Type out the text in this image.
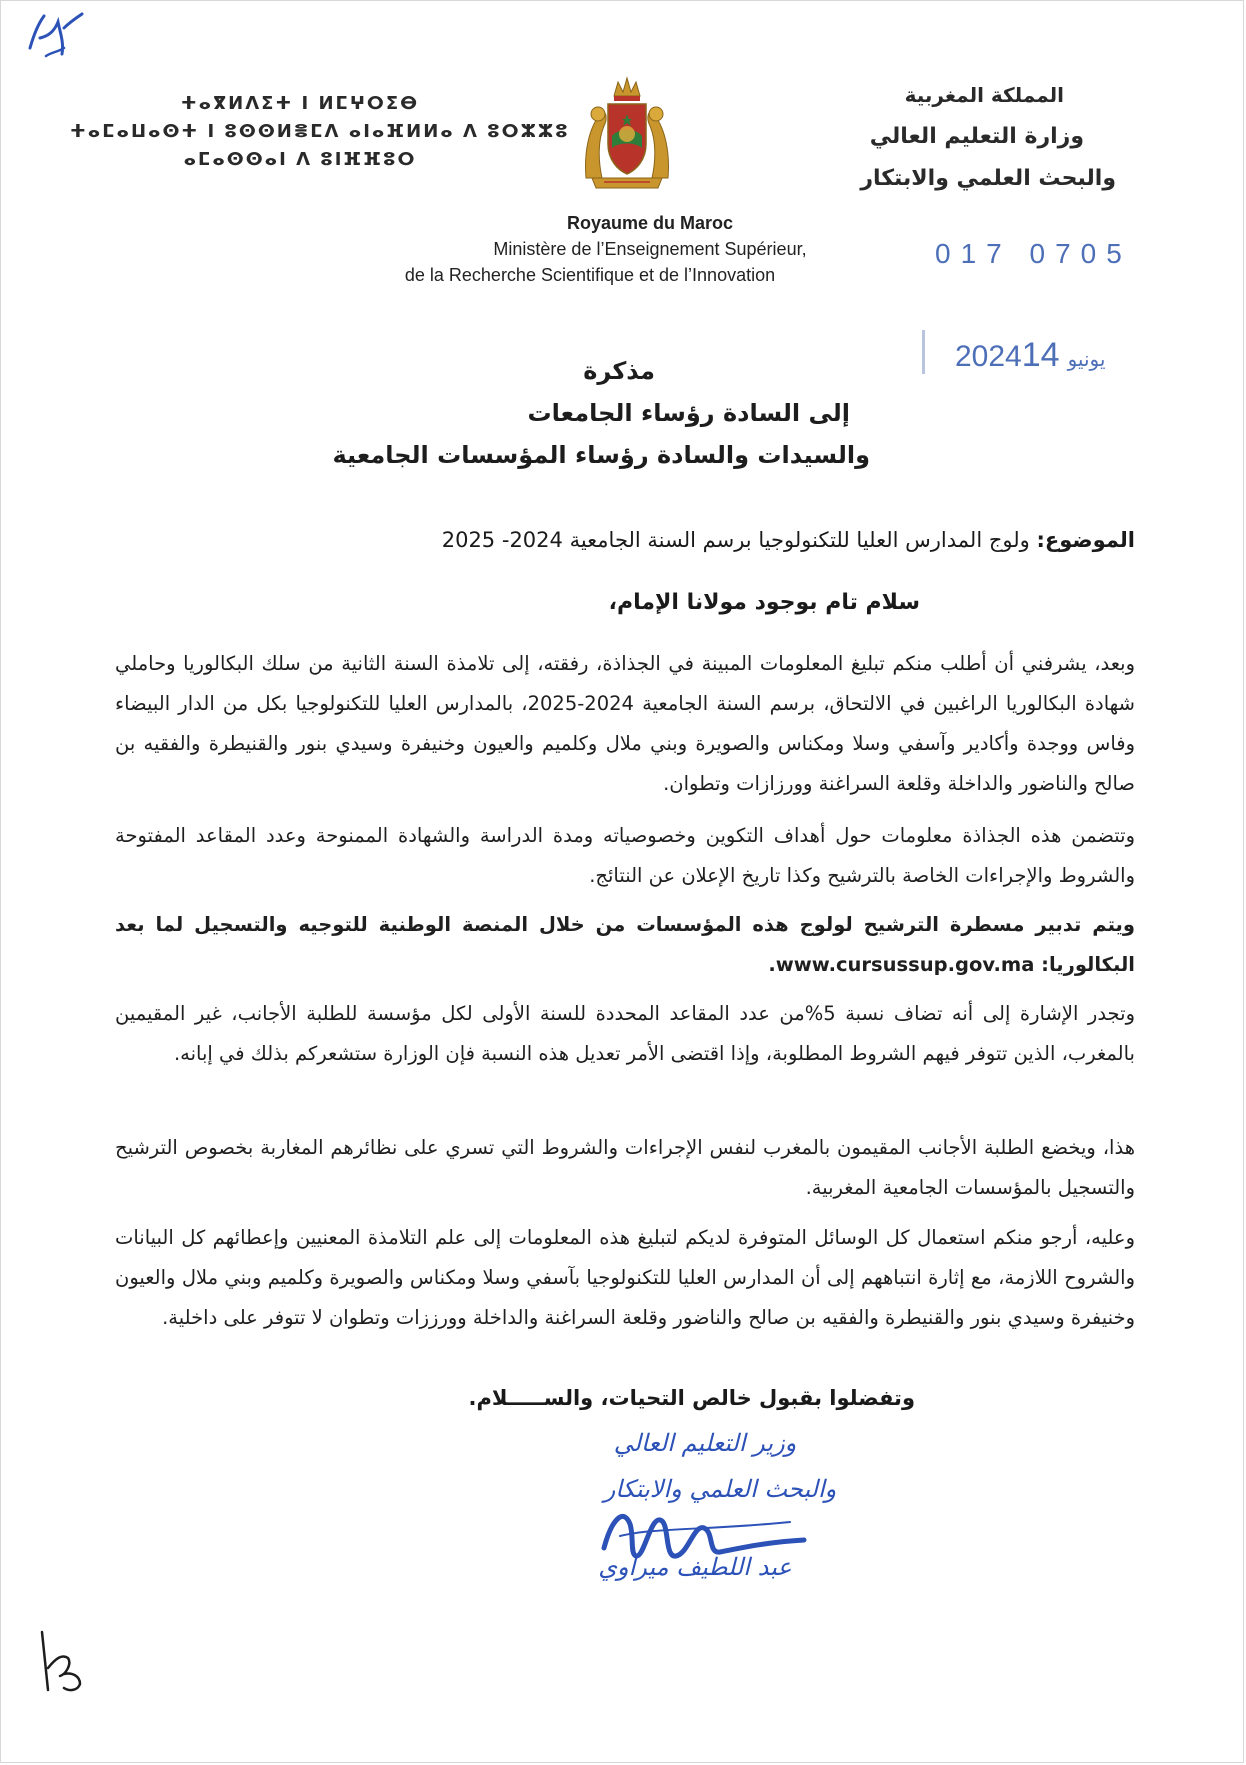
المملكة المغربية
وزارة التعليم العالي
والبحث العلمي والابتكار
ⵜⴰⴳⵍⴷⵉⵜ ⵏ ⵍⵎⵖⵔⵉⴱ
ⵜⴰⵎⴰⵡⴰⵙⵜ ⵏ ⵓⵙⵙⵍⴻⵎⴷ ⴰⵏⴰⴼⵍⵍⴰ ⴷ ⵓⵔⵣⵣⵓ
ⴰⵎⴰⵙⵙⴰⵏ ⴷ ⵓⵏⴼⴼⵓⵔ
Royaume du Maroc
Ministère de l’Enseignement Supérieur,
de la Recherche Scientifique et de l’Innovation
017 0705
2024 يونيو14
مذكرة
إلى السادة رؤساء الجامعات
والسيدات والسادة رؤساء المؤسسات الجامعية
الموضوع: ولوج المدارس العليا للتكنولوجيا برسم السنة الجامعية 2024- 2025
سلام تام بوجود مولانا الإمام،
وبعد، يشرفني أن أطلب منكم تبليغ المعلومات المبينة في الجذاذة، رفقته، إلى تلامذة السنة الثانية من سلك البكالوريا وحاملي شهادة البكالوريا الراغبين في الالتحاق، برسم السنة الجامعية 2024-2025، بالمدارس العليا للتكنولوجيا بكل من الدار البيضاء وفاس ووجدة وأكادير وآسفي وسلا ومكناس والصويرة وبني ملال وكلميم والعيون وخنيفرة وسيدي بنور والقنيطرة والفقيه بن صالح والناضور والداخلة وقلعة السراغنة وورزازات وتطوان.
وتتضمن هذه الجذاذة معلومات حول أهداف التكوين وخصوصياته ومدة الدراسة والشهادة الممنوحة وعدد المقاعد المفتوحة والشروط والإجراءات الخاصة بالترشيح وكذا تاريخ الإعلان عن النتائج.
ويتم تدبير مسطرة الترشيح لولوج هذه المؤسسات من خلال المنصة الوطنية للتوجيه والتسجيل لما بعد البكالوريا: www.cursussup.gov.ma.
وتجدر الإشارة إلى أنه تضاف نسبة 5%من عدد المقاعد المحددة للسنة الأولى لكل مؤسسة للطلبة الأجانب، غير المقيمين بالمغرب، الذين تتوفر فيهم الشروط المطلوبة، وإذا اقتضى الأمر تعديل هذه النسبة فإن الوزارة ستشعركم بذلك في إبانه.
هذا، ويخضع الطلبة الأجانب المقيمون بالمغرب لنفس الإجراءات والشروط التي تسري على نظائرهم المغاربة بخصوص الترشيح والتسجيل بالمؤسسات الجامعية المغربية.
وعليه، أرجو منكم استعمال كل الوسائل المتوفرة لديكم لتبليغ هذه المعلومات إلى علم التلامذة المعنيين وإعطائهم كل البيانات والشروح اللازمة، مع إثارة انتباههم إلى أن المدارس العليا للتكنولوجيا بآسفي وسلا ومكناس والصويرة وكلميم وبني ملال والعيون وخنيفرة وسيدي بنور والقنيطرة والفقيه بن صالح والناضور وقلعة السراغنة والداخلة وورززات وتطوان لا تتوفر على داخلية.
وتفضلوا بقبول خالص التحيات، والســـــلام.
وزير التعليم العالي
والبحث العلمي والابتكار
عبد اللطيف ميراوي
